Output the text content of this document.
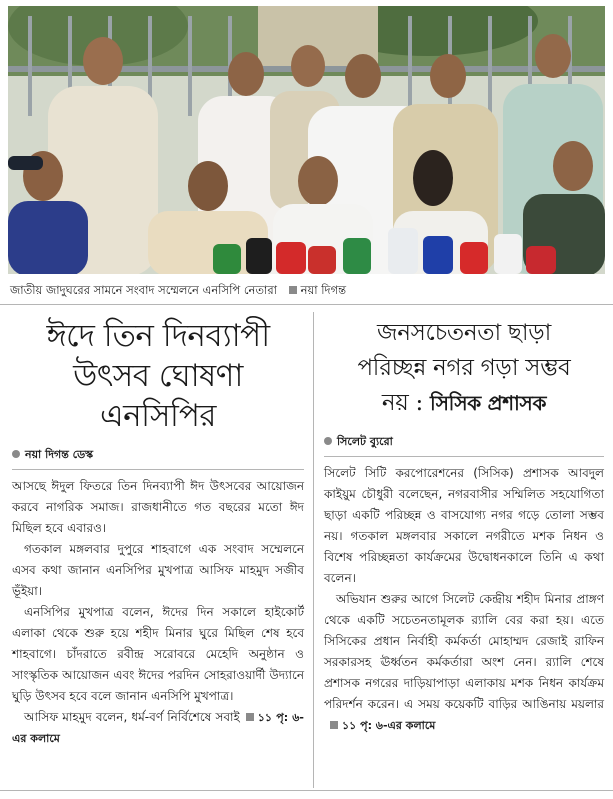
জাতীয় জাদুঘরের সামনে সংবাদ সম্মেলনে এনসিপি নেতারা নয়া দিগন্ত
ঈদে তিন দিনব্যাপী
উৎসব ঘোষণা
এনসিপির
নয়া দিগন্ত ডেস্ক

আসছে ঈদুল ফিতরে তিন দিনব্যাপী ঈদ উৎসবের আয়োজন করবে নাগরিক সমাজ। রাজধানীতে গত বছরের মতো ঈদ মিছিল হবে এবারও।

গতকাল মঙ্গলবার দুপুরে শাহবাগে এক সংবাদ সম্মেলনে এসব কথা জানান এনসিপির মুখপাত্র আসিফ মাহমুদ সজীব ভূঁইয়া।

এনসিপির মুখপাত্র বলেন, ঈদের দিন সকালে হাইকোর্ট এলাকা থেকে শুরু হয়ে শহীদ মিনার ঘুরে মিছিল শেষ হবে শাহবাগে। চাঁদরাতে রবীন্দ্র সরোবরে মেহেদি অনুষ্ঠান ও সাংস্কৃতিক আয়োজন এবং ঈদের পরদিন সোহরাওয়ার্দী উদ্যানে ঘুড়ি উৎসব হবে বলে জানান এনসিপি মুখপাত্র।

আসিফ মাহমুদ বলেন, ধর্ম-বর্ণ নির্বিশেষে সবাই ১১ পৃ: ৬-এর কলামে

জনসচেতনতা ছাড়া
পরিচ্ছন্ন নগর গড়া সম্ভব
নয় : সিসিক প্রশাসক
সিলেট ব্যুরো

সিলেট সিটি করপোরেশনের (সিসিক) প্রশাসক আবদুল কাইয়ুম চৌধুরী বলেছেন, নগরবাসীর সম্মিলিত সহযোগিতা ছাড়া একটি পরিচ্ছন্ন ও বাসযোগ্য নগর গড়ে তোলা সম্ভব নয়। গতকাল মঙ্গলবার সকালে নগরীতে মশক নিধন ও বিশেষ পরিচ্ছন্নতা কার্যক্রমের উদ্বোধনকালে তিনি এ কথা বলেন।

অভিযান শুরুর আগে সিলেট কেন্দ্রীয় শহীদ মিনার প্রাঙ্গণ থেকে একটি সচেতনতামূলক র‍্যালি বের করা হয়। এতে সিসিকের প্রধান নির্বাহী কর্মকর্তা মোহাম্মদ রেজাই রাফিন সরকারসহ ঊর্ধ্বতন কর্মকর্তারা অংশ নেন। র‍্যালি শেষে প্রশাসক নগরের দাড়িয়াপাড়া এলাকায় মশক নিধন কার্যক্রম পরিদর্শন করেন। এ সময় কয়েকটি বাড়ির আঙিনায় ময়লার১১ পৃ: ৬-এর কলামে
